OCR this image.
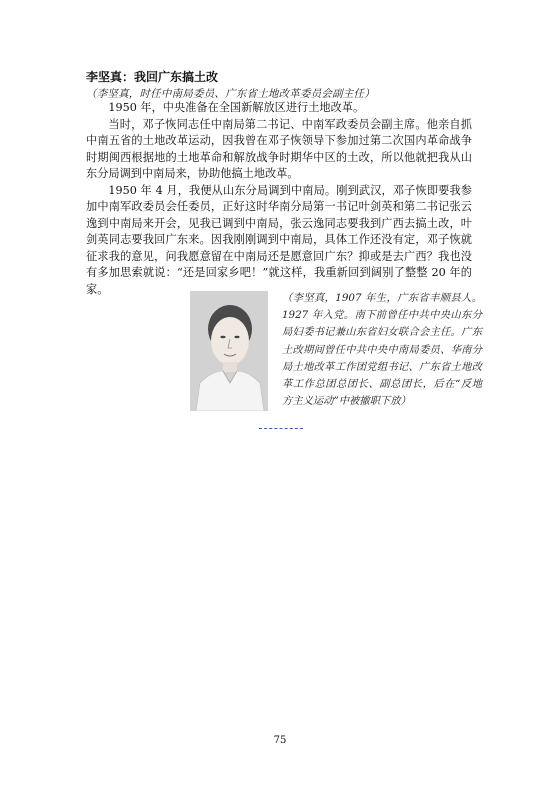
李坚真：我回广东搞土改
（李坚真，时任中南局委员、广东省土地改革委员会副主任）

1950 年，中央准备在全国新解放区进行土地改革。

当时，邓子恢同志任中南局第二书记、中南军政委员会副主席。他亲自抓中南五省的土地改革运动，因我曾在邓子恢领导下参加过第二次国内革命战争时期闽西根据地的土地革命和解放战争时期华中区的土改，所以他就把我从山东分局调到中南局来，协助他搞土地改革。

1950 年 4 月，我便从山东分局调到中南局。刚到武汉，邓子恢即要我参加中南军政委员会任委员，正好这时华南分局第一书记叶剑英和第二书记张云逸到中南局来开会，见我已调到中南局，张云逸同志要我到广西去搞土改，叶剑英同志要我回广东来。因我刚刚调到中南局，具体工作还没有定，邓子恢就征求我的意见，问我愿意留在中南局还是愿意回广东？抑或是去广西？我也没有多加思索就说：“还是回家乡吧！”就这样，我重新回到阔别了整整 20 年的家。

（李坚真，1907 年生，广东省丰顺县人。1927 年入党。南下前曾任中共中央山东分局妇委书记兼山东省妇女联合会主任。广东土改期间曾任中共中央中南局委员、华南分局土地改革工作团党组书记、广东省土地改革工作总团总团长、副总团长，后在“反地方主义运动”中被撤职下放）
75
